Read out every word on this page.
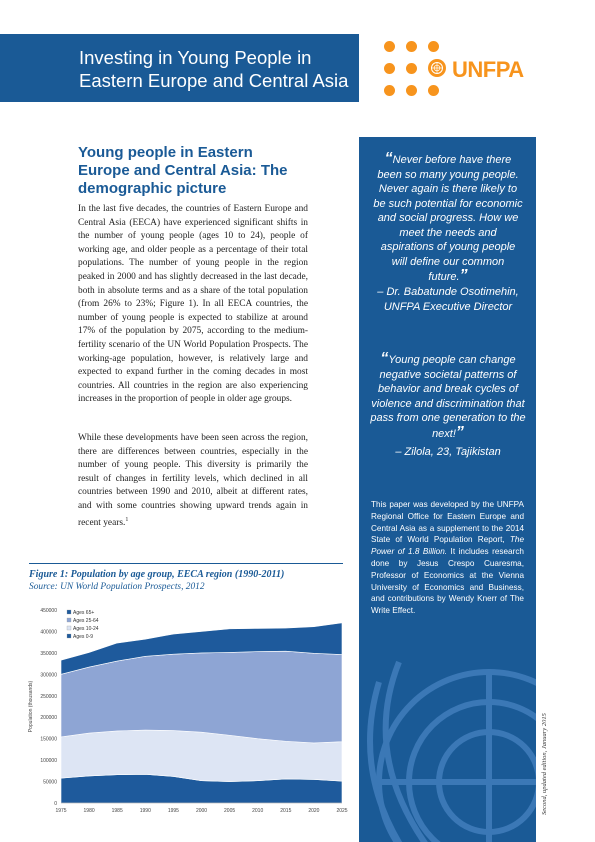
Investing in Young People in
Eastern Europe and Central Asia	UNFPA
Young people in Eastern
Europe and Central Asia: The
demographic picture

In the last five decades, the countries of Eastern Europe and Central Asia (EECA) have experienced significant shifts in the number of young people (ages 10 to 24), people of working age, and older people as a percentage of their total populations. The number of young people in the region peaked in 2000 and has slightly decreased in the last decade, both in absolute terms and as a share of the total population (from 26% to 23%; Figure 1). In all EECA countries, the number of young people is expected to stabilize at around 17% of the population by 2075, according to the medium-fertility scenario of the UN World Population Prospects. The working-age population, however, is relatively large and expected to expand further in the coming decades in most countries. All countries in the region are also experiencing increases in the proportion of people in older age groups.

While these developments have been seen across the region, there are differences between countries, especially in the number of young people. This diversity is primarily the result of changes in fertility levels, which declined in all countries between 1990 and 2010, albeit at different rates, and with some countries showing upward trends again in recent years.$^1$

“Never before have there been so many young people. Never again is there likely to be such potential for economic and social progress. How we meet the needs and aspirations of young people will define our common future.”

– Dr. Babatunde Osotimehin,
UNFPA Executive Director

“Young people can change negative societal patterns of behavior and break cycles of violence and discrimination that pass from one generation to the next!”

– Zilola, 23, Tajikistan

This paper was developed by the UNFPA Regional Office for Eastern Europe and Central Asia as a supplement to the 2014 State of World Population Report, The Power of 1.8 Billion. It includes research done by Jesus Crespo Cuaresma, Professor of Economics at the Vienna University of Economics and Business, and contributions by Wendy Knerr of The Write Effect.

Second, updated edition, January 2015

Figure 1: Population by age group, EECA region (1990-2011)

Source: UN World Population Prospects, 2012

0
50000
100000
150000
200000
250000
300000
350000
400000
450000
1975	1980	1985	1990	1995	2000	2005	2010	2015	2020	2025
Population (thousands)
Ages 65+
Ages 25-64
Ages 10-24
Ages 0-9
